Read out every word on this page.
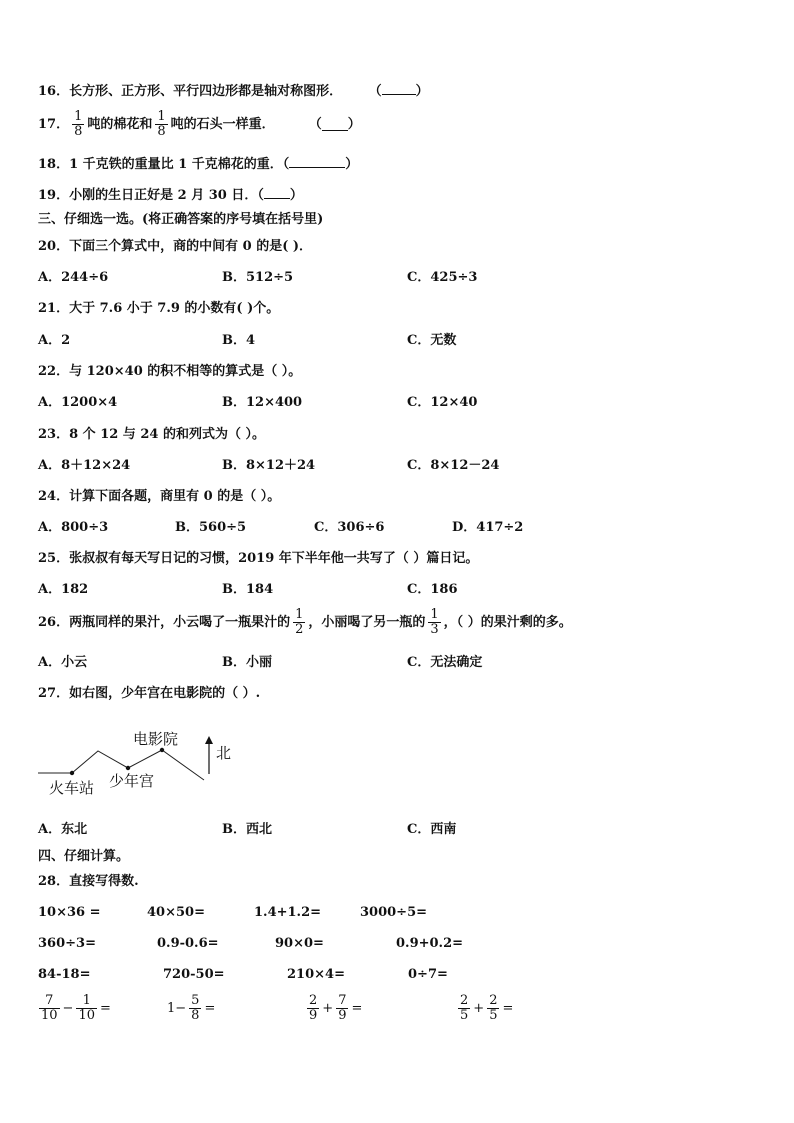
16．长方形、正方形、平行四边形都是轴对称图形． （	）
17． $\frac{1}{8}$ 吨的棉花和 $\frac{1}{8}$ 吨的石头一样重．	（ ）
18．1 千克铁的重量比 1 千克棉花的重．（	）
19．小刚的生日正好是 2 月 30 日．（ ）
三、仔细选一选。(将正确答案的序号填在括号里)
20．下面三个算式中，商的中间有 0 的是( )．
A．244÷6	B．512÷5	C．425÷3
21．大于 7.6 小于 7.9 的小数有( )个。
A．2	B．4	C．无数
22．与 120×40 的积不相等的算式是（ ）。
A．1200×4	B．12×400	C．12×40
23．8 个 12 与 24 的和列式为（ ）。
A．8＋12×24	B．8×12＋24	C．8×12－24
24．计算下面各题，商里有 0 的是（ ）。
A．800÷3	B．560÷5	C．306÷6	D．417÷2
25．张叔叔有每天写日记的习惯，2019 年下半年他一共写了（ ）篇日记。
A．182	B．184	C．186
26．两瓶同样的果汁，小云喝了一瓶果汁的 $\frac{1}{2}$ ，小丽喝了另一瓶的 $\frac{1}{3}$ ，（ ）的果汁剩的多。
A．小云	B．小丽	C．无法确定
27．如右图，少年宫在电影院的（ ）.
电影院
火车站 少年宫
北
A．东北	B．西北	C．西南
四、仔细计算。
28．直接写得数.
10×36 =	40×50=	1.4+1.2=	3000÷5=
360÷3=	0.9-0.6=	90×0=	0.9+0.2=
84-18=	720-50=	210×4=	0÷7=
$\frac{7}{10} - \frac{1}{10}$ =	$1- \frac{5}{8}$ =	$\frac{2}{9} + \frac{7}{9}$ =	$\frac{2}{5} + \frac{2}{5}$ =
